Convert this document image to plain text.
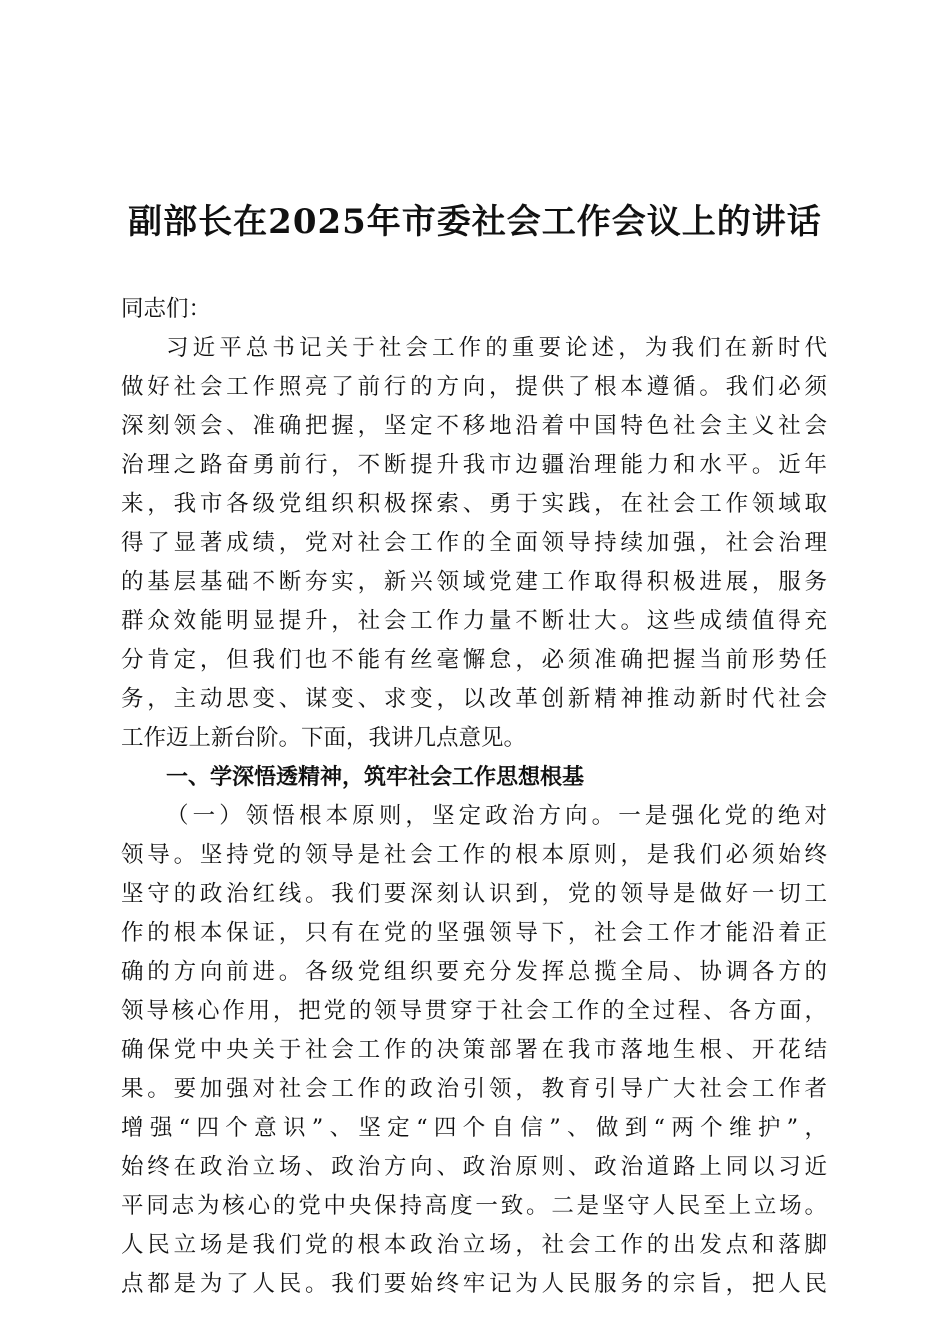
副部长在2025年市委社会工作会议上的讲话
同志们：
习近平总书记关于社会工作的重要论述，为我们在新时代
做好社会工作照亮了前行的方向，提供了根本遵循。我们必须
深刻领会、准确把握，坚定不移地沿着中国特色社会主义社会
治理之路奋勇前行，不断提升我市边疆治理能力和水平。近年
来，我市各级党组织积极探索、勇于实践，在社会工作领域取
得了显著成绩，党对社会工作的全面领导持续加强，社会治理
的基层基础不断夯实，新兴领域党建工作取得积极进展，服务
群众效能明显提升，社会工作力量不断壮大。这些成绩值得充
分肯定，但我们也不能有丝毫懈怠，必须准确把握当前形势任
务，主动思变、谋变、求变，以改革创新精神推动新时代社会
工作迈上新台阶。下面，我讲几点意见。
一、学深悟透精神，筑牢社会工作思想根基
（一）领悟根本原则，坚定政治方向。一是强化党的绝对
领导。坚持党的领导是社会工作的根本原则，是我们必须始终
坚守的政治红线。我们要深刻认识到，党的领导是做好一切工
作的根本保证，只有在党的坚强领导下，社会工作才能沿着正
确的方向前进。各级党组织要充分发挥总揽全局、协调各方的
领导核心作用，把党的领导贯穿于社会工作的全过程、各方面，
确保党中央关于社会工作的决策部署在我市落地生根、开花结
果。要加强对社会工作的政治引领，教育引导广大社会工作者
增强“四个意识”、坚定“四个自信”、做到“两个维护”，
始终在政治立场、政治方向、政治原则、政治道路上同以习近
平同志为核心的党中央保持高度一致。二是坚守人民至上立场。
人民立场是我们党的根本政治立场，社会工作的出发点和落脚
点都是为了人民。我们要始终牢记为人民服务的宗旨，把人民
